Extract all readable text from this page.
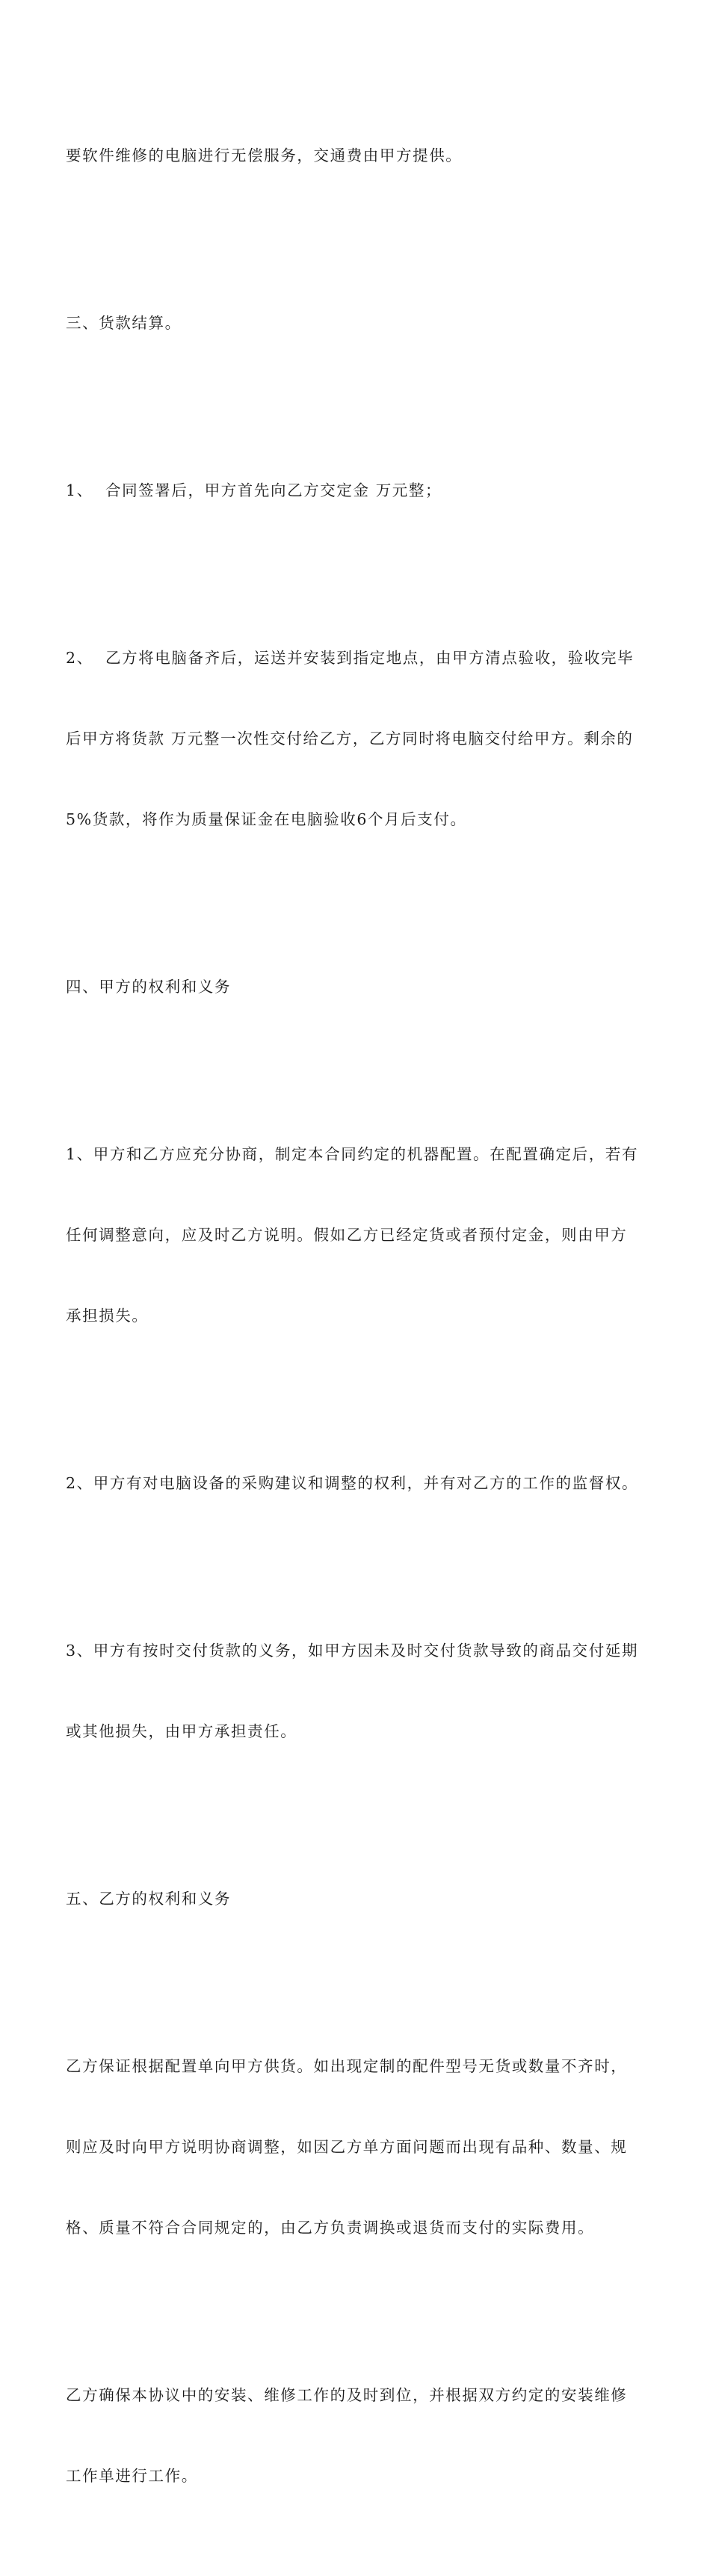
要软件维修的电脑进行无偿服务，交通费由甲方提供。

三、货款结算。

1、  合同签署后，甲方首先向乙方交定金 万元整；

2、  乙方将电脑备齐后，运送并安装到指定地点，由甲方清点验收，验收完毕

后甲方将货款 万元整一次性交付给乙方，乙方同时将电脑交付给甲方。剩余的

5%货款，将作为质量保证金在电脑验收6个月后支付。

四、甲方的权利和义务

1、甲方和乙方应充分协商，制定本合同约定的机器配置。在配置确定后，若有

任何调整意向，应及时乙方说明。假如乙方已经定货或者预付定金，则由甲方

承担损失。

2、甲方有对电脑设备的采购建议和调整的权利，并有对乙方的工作的监督权。

3、甲方有按时交付货款的义务，如甲方因未及时交付货款导致的商品交付延期

或其他损失，由甲方承担责任。

五、乙方的权利和义务

乙方保证根据配置单向甲方供货。如出现定制的配件型号无货或数量不齐时，

则应及时向甲方说明协商调整，如因乙方单方面问题而出现有品种、数量、规

格、质量不符合合同规定的，由乙方负责调换或退货而支付的实际费用。

乙方确保本协议中的安装、维修工作的及时到位，并根据双方约定的安装维修

工作单进行工作。
